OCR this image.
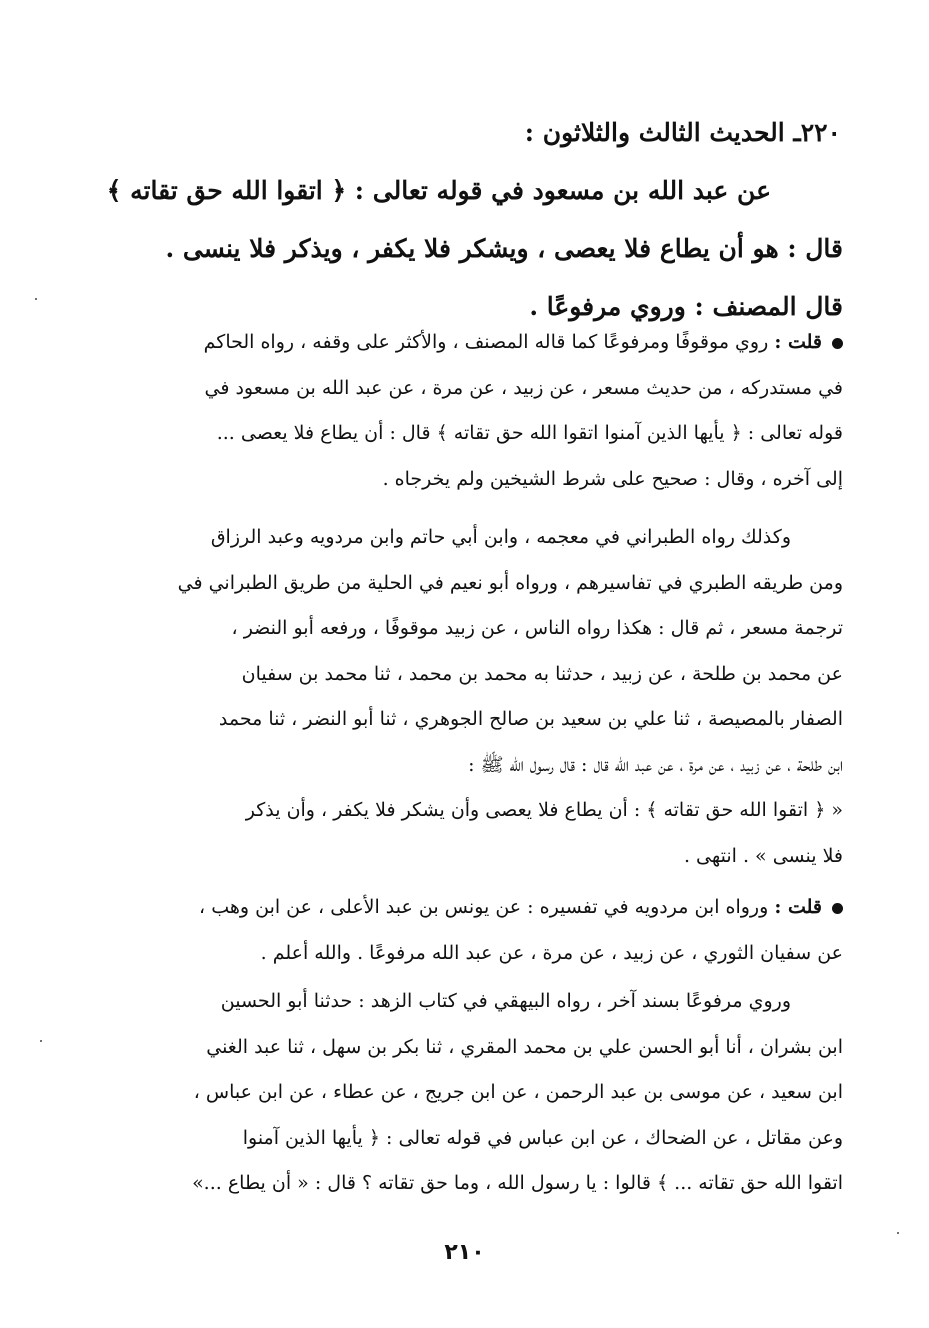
٢٢٠ـ الحديث الثالث والثلاثون :
عن عبد الله بن مسعود في قوله تعالى : ﴿ اتقوا الله حق تقاته ﴾
قال : هو أن يطاع فلا يعصى ، ويشكر فلا يكفر ، ويذكر فلا ينسى .
قال المصنف : وروي مرفوعًا .
قلت : روي موقوفًا ومرفوعًا كما قاله المصنف ، والأكثر على وقفه ، رواه الحاكم
في مستدركه ، من حديث مسعر ، عن زبيد ، عن مرة ، عن عبد الله بن مسعود في
قوله تعالى : ﴿ يأيها الذين آمنوا اتقوا الله حق تقاته ﴾ قال : أن يطاع فلا يعصى ...
إلى آخره ، وقال : صحيح على شرط الشيخين ولم يخرجاه .
وكذلك رواه الطبراني في معجمه ، وابن أبي حاتم وابن مردويه وعبد الرزاق
ومن طريقه الطبري في تفاسيرهم ، ورواه أبو نعيم في الحلية من طريق الطبراني في
ترجمة مسعر ، ثم قال : هكذا رواه الناس ، عن زبيد موقوفًا ، ورفعه أبو النضر ،
عن محمد بن طلحة ، عن زبيد ، حدثنا به محمد بن محمد ، ثنا محمد بن سفيان
الصفار بالمصيصة ، ثنا علي بن سعيد بن صالح الجوهري ، ثنا أبو النضر ، ثنا محمد
ابن طلحة ، عن زبيد ، عن مرة ، عن عبد الله قال : قال رسول الله ﷺ :
« ﴿ اتقوا الله حق تقاته ﴾ : أن يطاع فلا يعصى وأن يشكر فلا يكفر ، وأن يذكر
فلا ينسى » . انتهى .
قلت : ورواه ابن مردويه في تفسيره : عن يونس بن عبد الأعلى ، عن ابن وهب ،
عن سفيان الثوري ، عن زبيد ، عن مرة ، عن عبد الله مرفوعًا . والله أعلم .
وروي مرفوعًا بسند آخر ، رواه البيهقي في كتاب الزهد : حدثنا أبو الحسين
ابن بشران ، أنا أبو الحسن علي بن محمد المقري ، ثنا بكر بن سهل ، ثنا عبد الغني
ابن سعيد ، عن موسى بن عبد الرحمن ، عن ابن جريج ، عن عطاء ، عن ابن عباس ،
وعن مقاتل ، عن الضحاك ، عن ابن عباس في قوله تعالى : ﴿ يأيها الذين آمنوا
اتقوا الله حق تقاته ... ﴾ قالوا : يا رسول الله ، وما حق تقاته ؟ قال : « أن يطاع ...»
٢١٠
